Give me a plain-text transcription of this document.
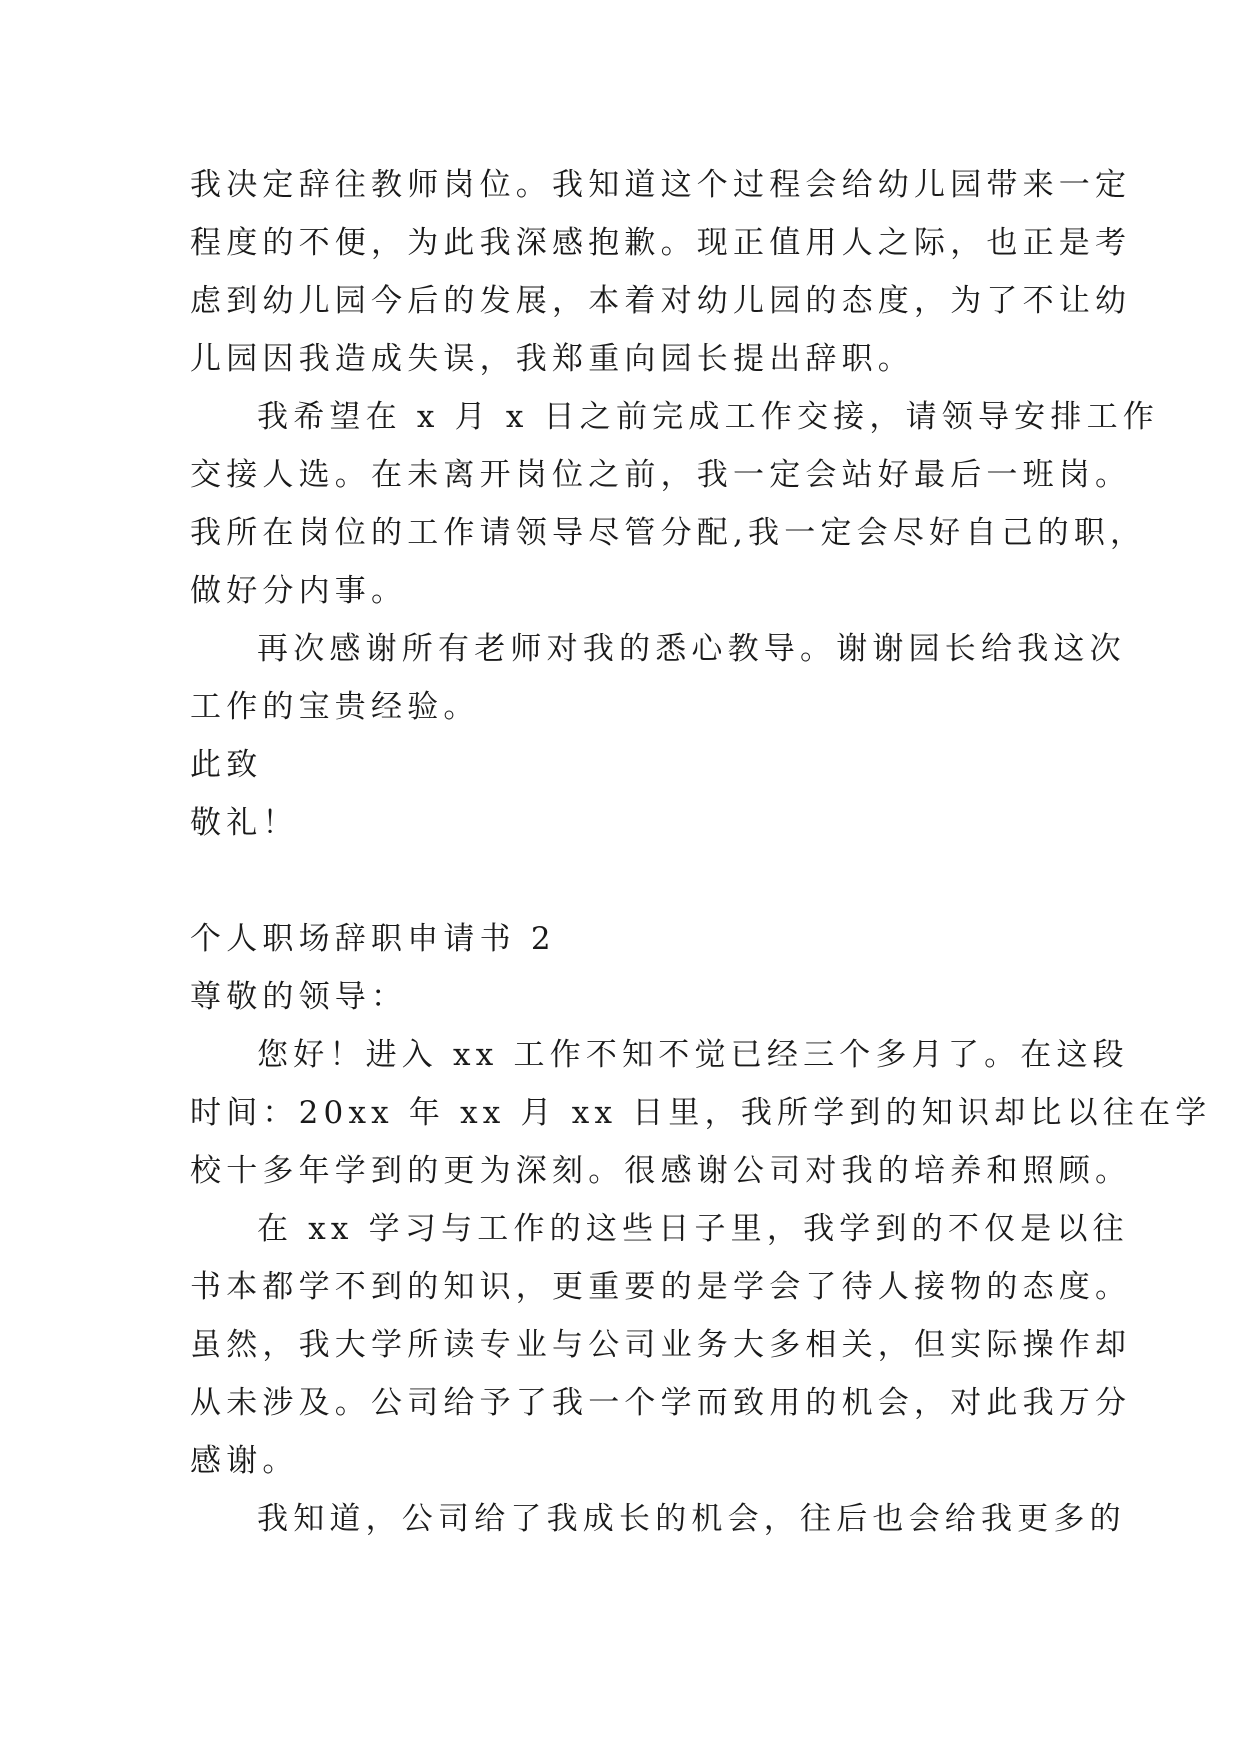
我决定辞往教师岗位。我知道这个过程会给幼儿园带来一定
程度的不便，为此我深感抱歉。现正值用人之际，也正是考
虑到幼儿园今后的发展，本着对幼儿园的态度，为了不让幼
儿园因我造成失误，我郑重向园长提出辞职。
我希望在 x 月 x 日之前完成工作交接，请领导安排工作
交接人选。在未离开岗位之前，我一定会站好最后一班岗。
我所在岗位的工作请领导尽管分配,我一定会尽好自己的职，
做好分内事。
再次感谢所有老师对我的悉心教导。谢谢园长给我这次
工作的宝贵经验。
此致
敬礼！
个人职场辞职申请书 2
尊敬的领导：
您好！进入 xx 工作不知不觉已经三个多月了。在这段
时间：20xx 年 xx 月 xx 日里，我所学到的知识却比以往在学
校十多年学到的更为深刻。很感谢公司对我的培养和照顾。
在 xx 学习与工作的这些日子里，我学到的不仅是以往
书本都学不到的知识，更重要的是学会了待人接物的态度。
虽然，我大学所读专业与公司业务大多相关，但实际操作却
从未涉及。公司给予了我一个学而致用的机会，对此我万分
感谢。
我知道，公司给了我成长的机会，往后也会给我更多的
